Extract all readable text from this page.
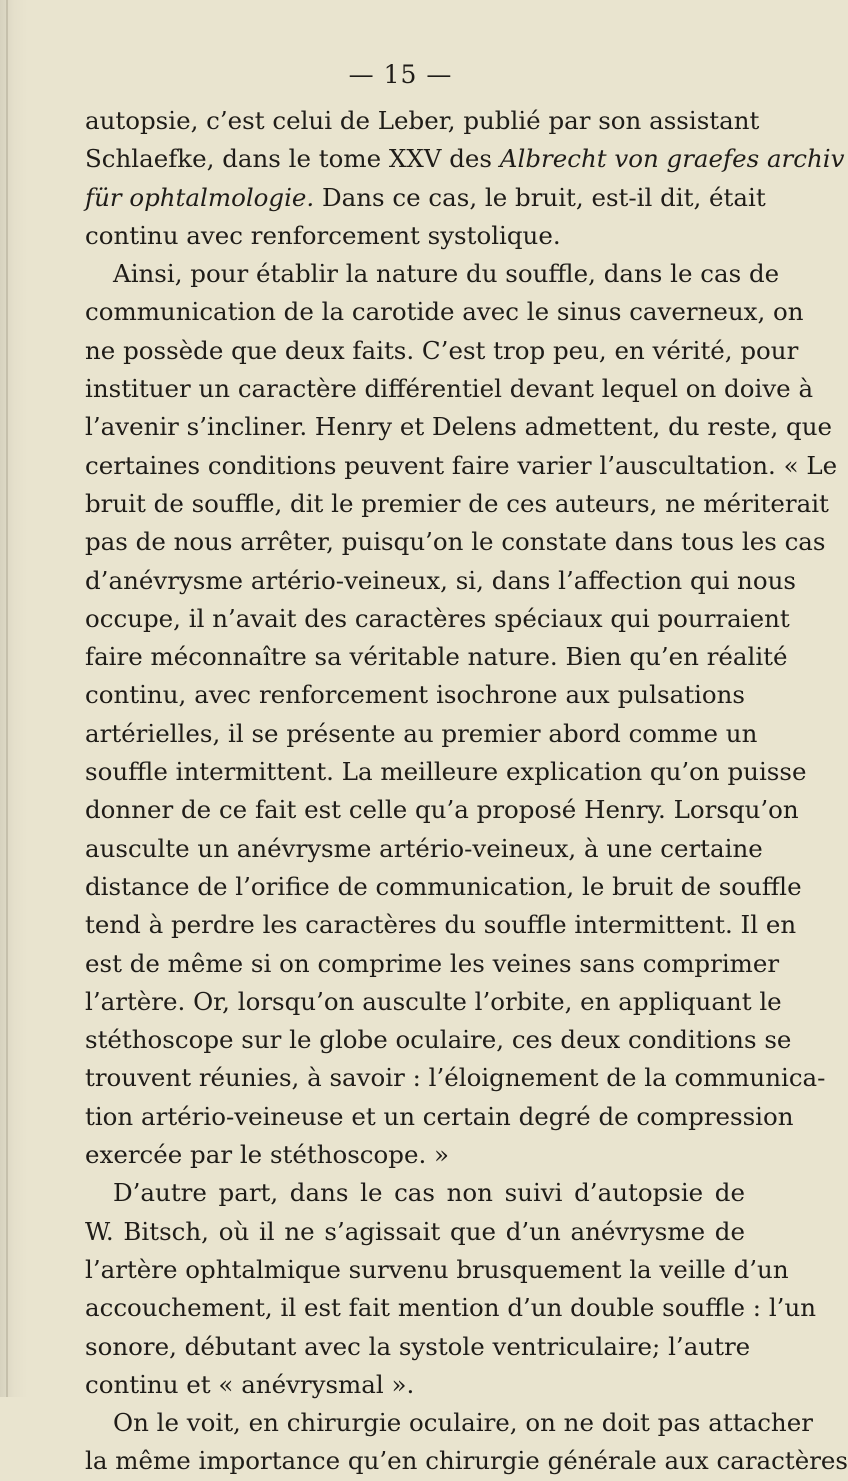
— 15 —
autopsie, c’est celui de Leber, publié par son assistant
Schlaefke, dans le tome XXV des Albrecht von graefes archiv
für ophtalmologie. Dans ce cas, le bruit, est-il dit, était
continu avec renforcement systolique.
Ainsi, pour établir la nature du souffle, dans le cas de
communication de la carotide avec le sinus caverneux, on
ne possède que deux faits. C’est trop peu, en vérité, pour
instituer un caractère différentiel devant lequel on doive à
l’avenir s’incliner. Henry et Delens admettent, du reste, que
certaines conditions peuvent faire varier l’auscultation. « Le
bruit de souffle, dit le premier de ces auteurs, ne mériterait
pas de nous arrêter, puisqu’on le constate dans tous les cas
d’anévrysme artério-veineux, si, dans l’affection qui nous
occupe, il n’avait des caractères spéciaux qui pourraient
faire méconnaître sa véritable nature. Bien qu’en réalité
continu, avec renforcement isochrone aux pulsations
artérielles, il se présente au premier abord comme un
souffle intermittent. La meilleure explication qu’on puisse
donner de ce fait est celle qu’a proposé Henry. Lorsqu’on
ausculte un anévrysme artério-veineux, à une certaine
distance de l’orifice de communication, le bruit de souffle
tend à perdre les caractères du souffle intermittent. Il en
est de même si on comprime les veines sans comprimer
l’artère. Or, lorsqu’on ausculte l’orbite, en appliquant le
stéthoscope sur le globe oculaire, ces deux conditions se
trouvent réunies, à savoir : l’éloignement de la communica-
tion artério-veineuse et un certain degré de compression
exercée par le stéthoscope. »
D’autre part, dans le cas non suivi d’autopsie de
W. Bitsch, où il ne s’agissait que d’un anévrysme de
l’artère ophtalmique survenu brusquement la veille d’un
accouchement, il est fait mention d’un double souffle : l’un
sonore, débutant avec la systole ventriculaire; l’autre
continu et « anévrysmal ».
On le voit, en chirurgie oculaire, on ne doit pas attacher
la même importance qu’en chirurgie générale aux caractères
